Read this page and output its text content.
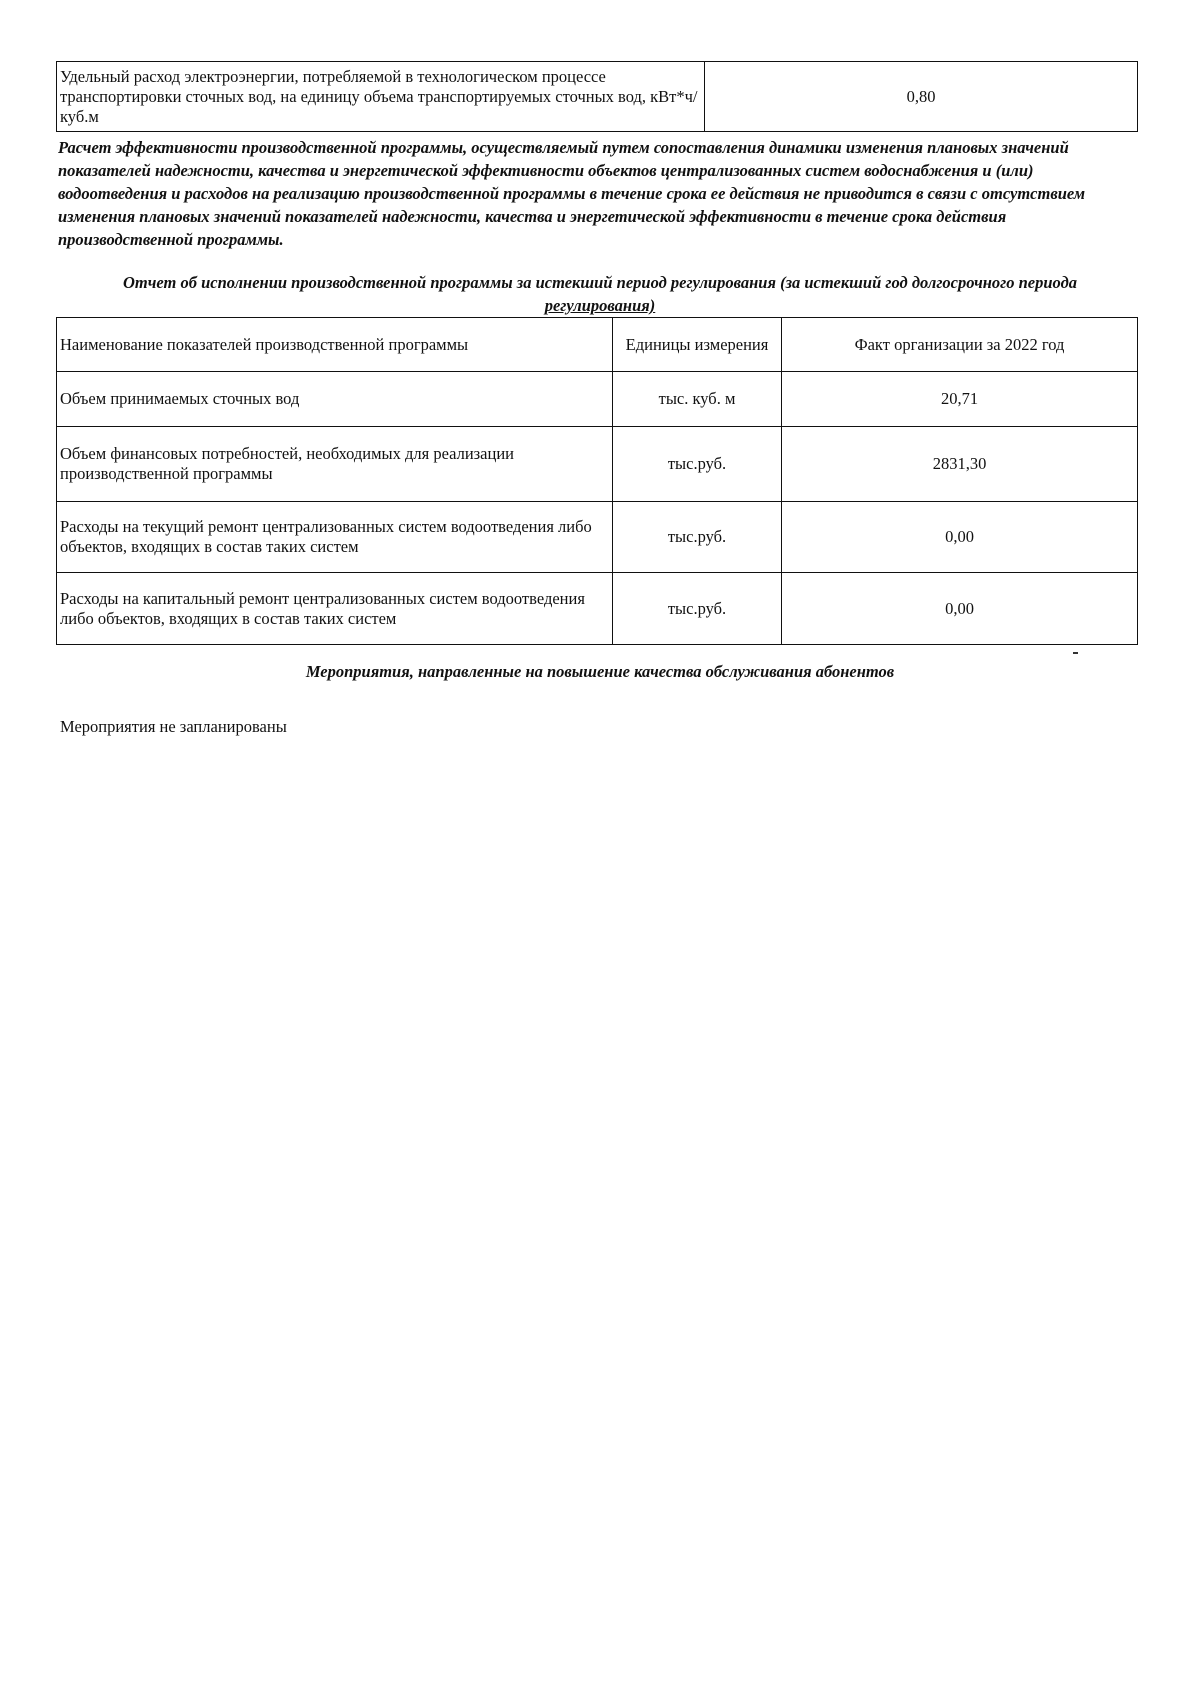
Удельный расход электроэнергии, потребляемой в технологическом процессе транспортировки сточных вод, на единицу объема транспортируемых сточных вод, кВт*ч/ куб.м	0,80

Расчет эффективности производственной программы, осуществляемый путем сопоставления динамики изменения плановых значений показателей надежности, качества и энергетической эффективности объектов централизованных систем водоснабжения и (или) водоотведения и расходов на реализацию производственной программы в течение срока ее действия не приводится в связи с отсутствием изменения плановых значений показателей надежности, качества и энергетической эффективности в течение срока действия производственной программы.

Отчет об исполнении производственной программы за истекший период регулирования (за истекший год долгосрочного периода
регулирования)

Наименование показателей производственной программы	Единицы измерения	Факт организации за 2022 год
Объем принимаемых сточных вод	тыс. куб. м	20,71
Объем финансовых потребностей, необходимых для реализации производственной программы	тыс.руб.	2831,30
Расходы на текущий ремонт централизованных систем водоотведения либо объектов, входящих в состав таких систем	тыс.руб.	0,00
Расходы на капитальный ремонт централизованных систем водоотведения либо объектов, входящих в состав таких систем	тыс.руб.	0,00

Мероприятия, направленные на повышение качества обслуживания абонентов

Мероприятия не запланированы
